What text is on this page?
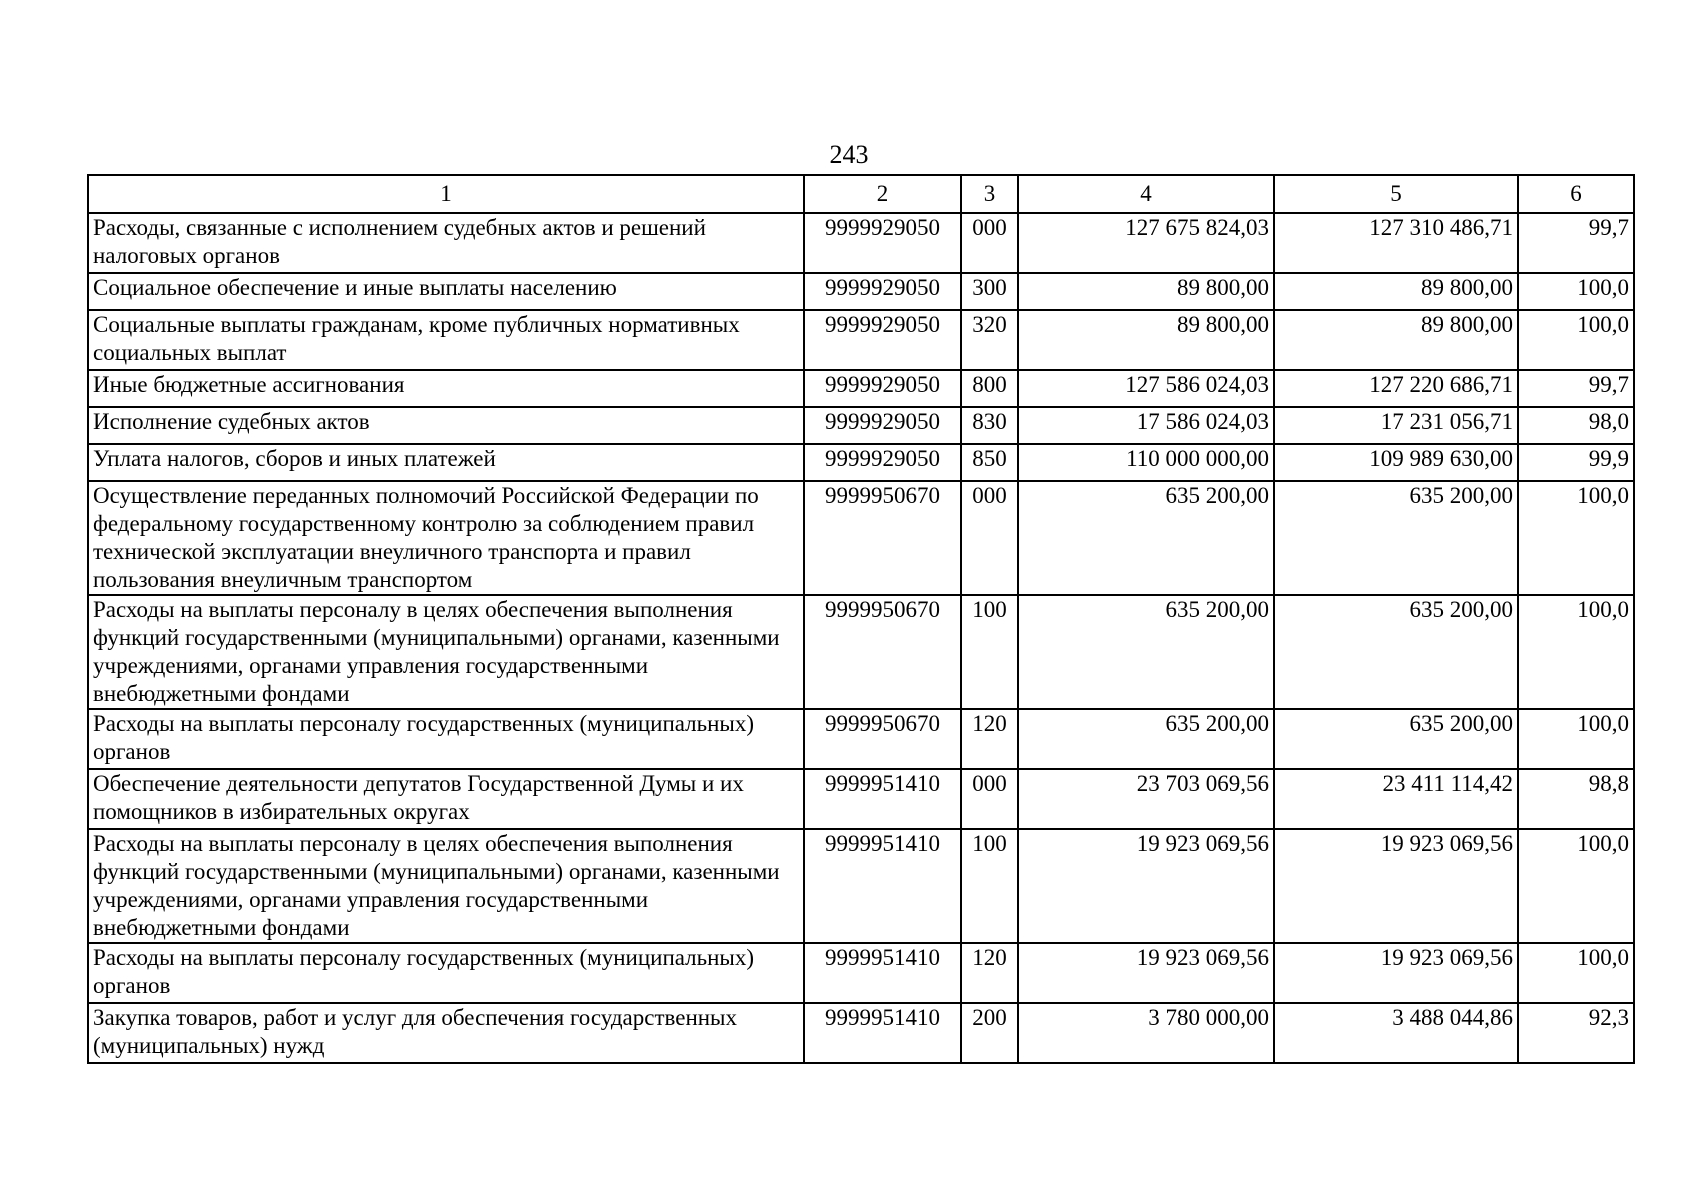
243
1	2	3	4	5	6
Расходы, связанные с исполнением судебных актов и решений налоговых органов	9999929050	000	127 675 824,03	127 310 486,71	99,7
Социальное обеспечение и иные выплаты населению	9999929050	300	89 800,00	89 800,00	100,0
Социальные выплаты гражданам, кроме публичных нормативных социальных выплат	9999929050	320	89 800,00	89 800,00	100,0
Иные бюджетные ассигнования	9999929050	800	127 586 024,03	127 220 686,71	99,7
Исполнение судебных актов	9999929050	830	17 586 024,03	17 231 056,71	98,0
Уплата налогов, сборов и иных платежей	9999929050	850	110 000 000,00	109 989 630,00	99,9
Осуществление переданных полномочий Российской Федерации по федеральному государственному контролю за соблюдением правил технической эксплуатации внеуличного транспорта и правил пользования внеуличным транспортом	9999950670	000	635 200,00	635 200,00	100,0
Расходы на выплаты персоналу в целях обеспечения выполнения функций государственными (муниципальными) органами, казенными учреждениями, органами управления государственными внебюджетными фондами	9999950670	100	635 200,00	635 200,00	100,0
Расходы на выплаты персоналу государственных (муниципальных) органов	9999950670	120	635 200,00	635 200,00	100,0
Обеспечение деятельности депутатов Государственной Думы и их помощников в избирательных округах	9999951410	000	23 703 069,56	23 411 114,42	98,8
Расходы на выплаты персоналу в целях обеспечения выполнения функций государственными (муниципальными) органами, казенными учреждениями, органами управления государственными внебюджетными фондами	9999951410	100	19 923 069,56	19 923 069,56	100,0
Расходы на выплаты персоналу государственных (муниципальных) органов	9999951410	120	19 923 069,56	19 923 069,56	100,0
Закупка товаров, работ и услуг для обеспечения государственных (муниципальных) нужд	9999951410	200	3 780 000,00	3 488 044,86	92,3
